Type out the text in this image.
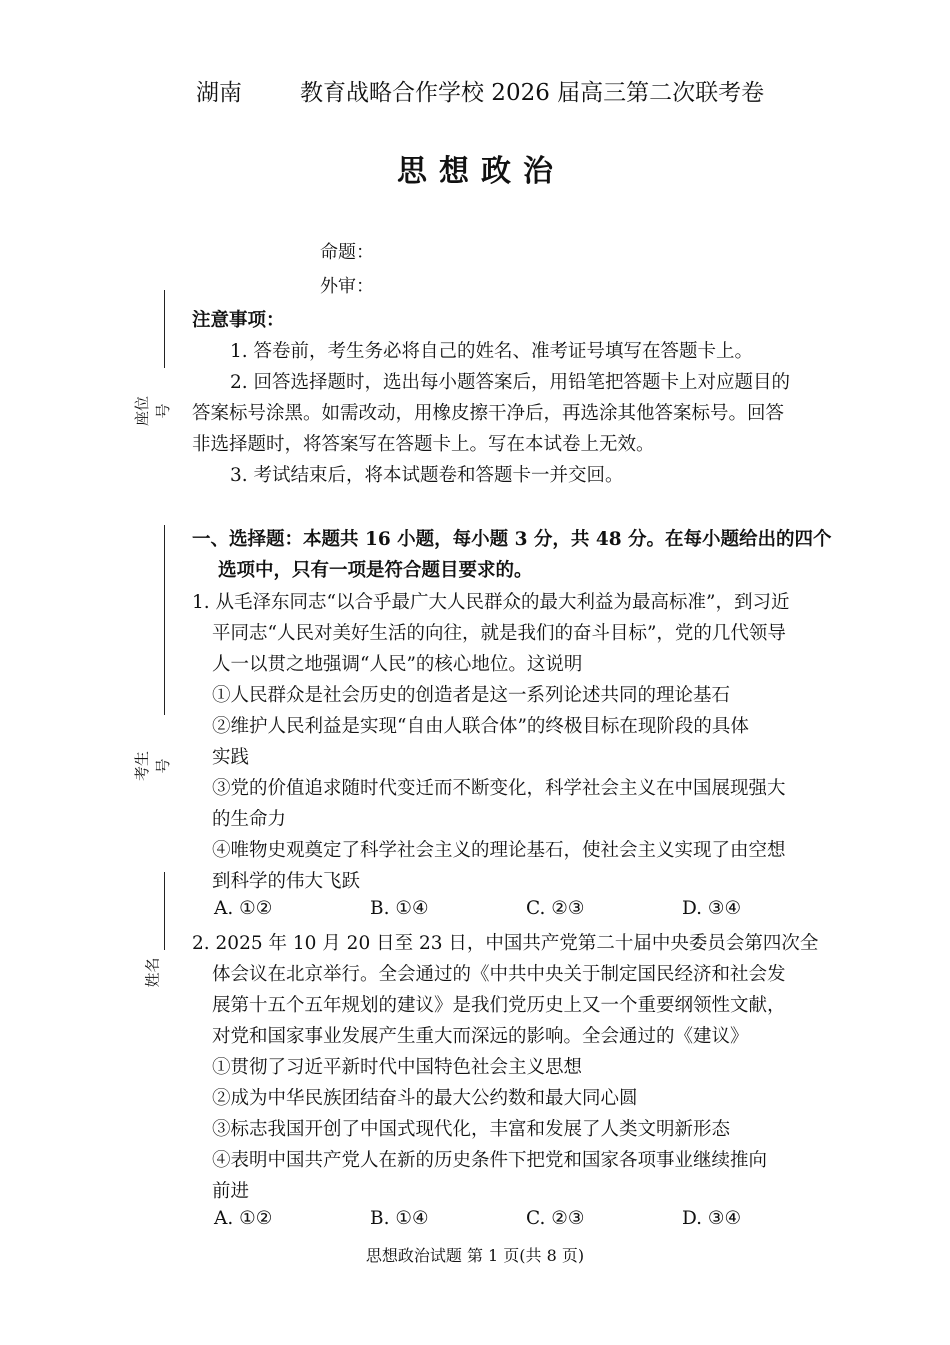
湖南	教育战略合作学校 2026 届高三第二次联考卷
思想政治
命题：
外审：
座位号
考生号
姓名
注意事项：
1. 答卷前，考生务必将自己的姓名、准考证号填写在答题卡上。
2. 回答选择题时，选出每小题答案后，用铅笔把答题卡上对应题目的
答案标号涂黑。如需改动，用橡皮擦干净后，再选涂其他答案标号。回答
非选择题时，将答案写在答题卡上。写在本试卷上无效。
3. 考试结束后，将本试题卷和答题卡一并交回。
一、选择题：本题共 16 小题，每小题 3 分，共 48 分。在每小题给出的四个
选项中，只有一项是符合题目要求的。
1. 从毛泽东同志“以合乎最广大人民群众的最大利益为最高标准”，到习近
平同志“人民对美好生活的向往，就是我们的奋斗目标”，党的几代领导
人一以贯之地强调“人民”的核心地位。这说明
①人民群众是社会历史的创造者是这一系列论述共同的理论基石
②维护人民利益是实现“自由人联合体”的终极目标在现阶段的具体
实践
③党的价值追求随时代变迁而不断变化，科学社会主义在中国展现强大
的生命力
④唯物史观奠定了科学社会主义的理论基石，使社会主义实现了由空想
到科学的伟大飞跃
A. ①②	B. ①④	C. ②③	D. ③④
2. 2025 年 10 月 20 日至 23 日，中国共产党第二十届中央委员会第四次全
体会议在北京举行。全会通过的《中共中央关于制定国民经济和社会发
展第十五个五年规划的建议》是我们党历史上又一个重要纲领性文献，
对党和国家事业发展产生重大而深远的影响。全会通过的《建议》
①贯彻了习近平新时代中国特色社会主义思想
②成为中华民族团结奋斗的最大公约数和最大同心圆
③标志我国开创了中国式现代化，丰富和发展了人类文明新形态
④表明中国共产党人在新的历史条件下把党和国家各项事业继续推向
前进
A. ①②	B. ①④	C. ②③	D. ③④
思想政治试题 第 1 页(共 8 页)
